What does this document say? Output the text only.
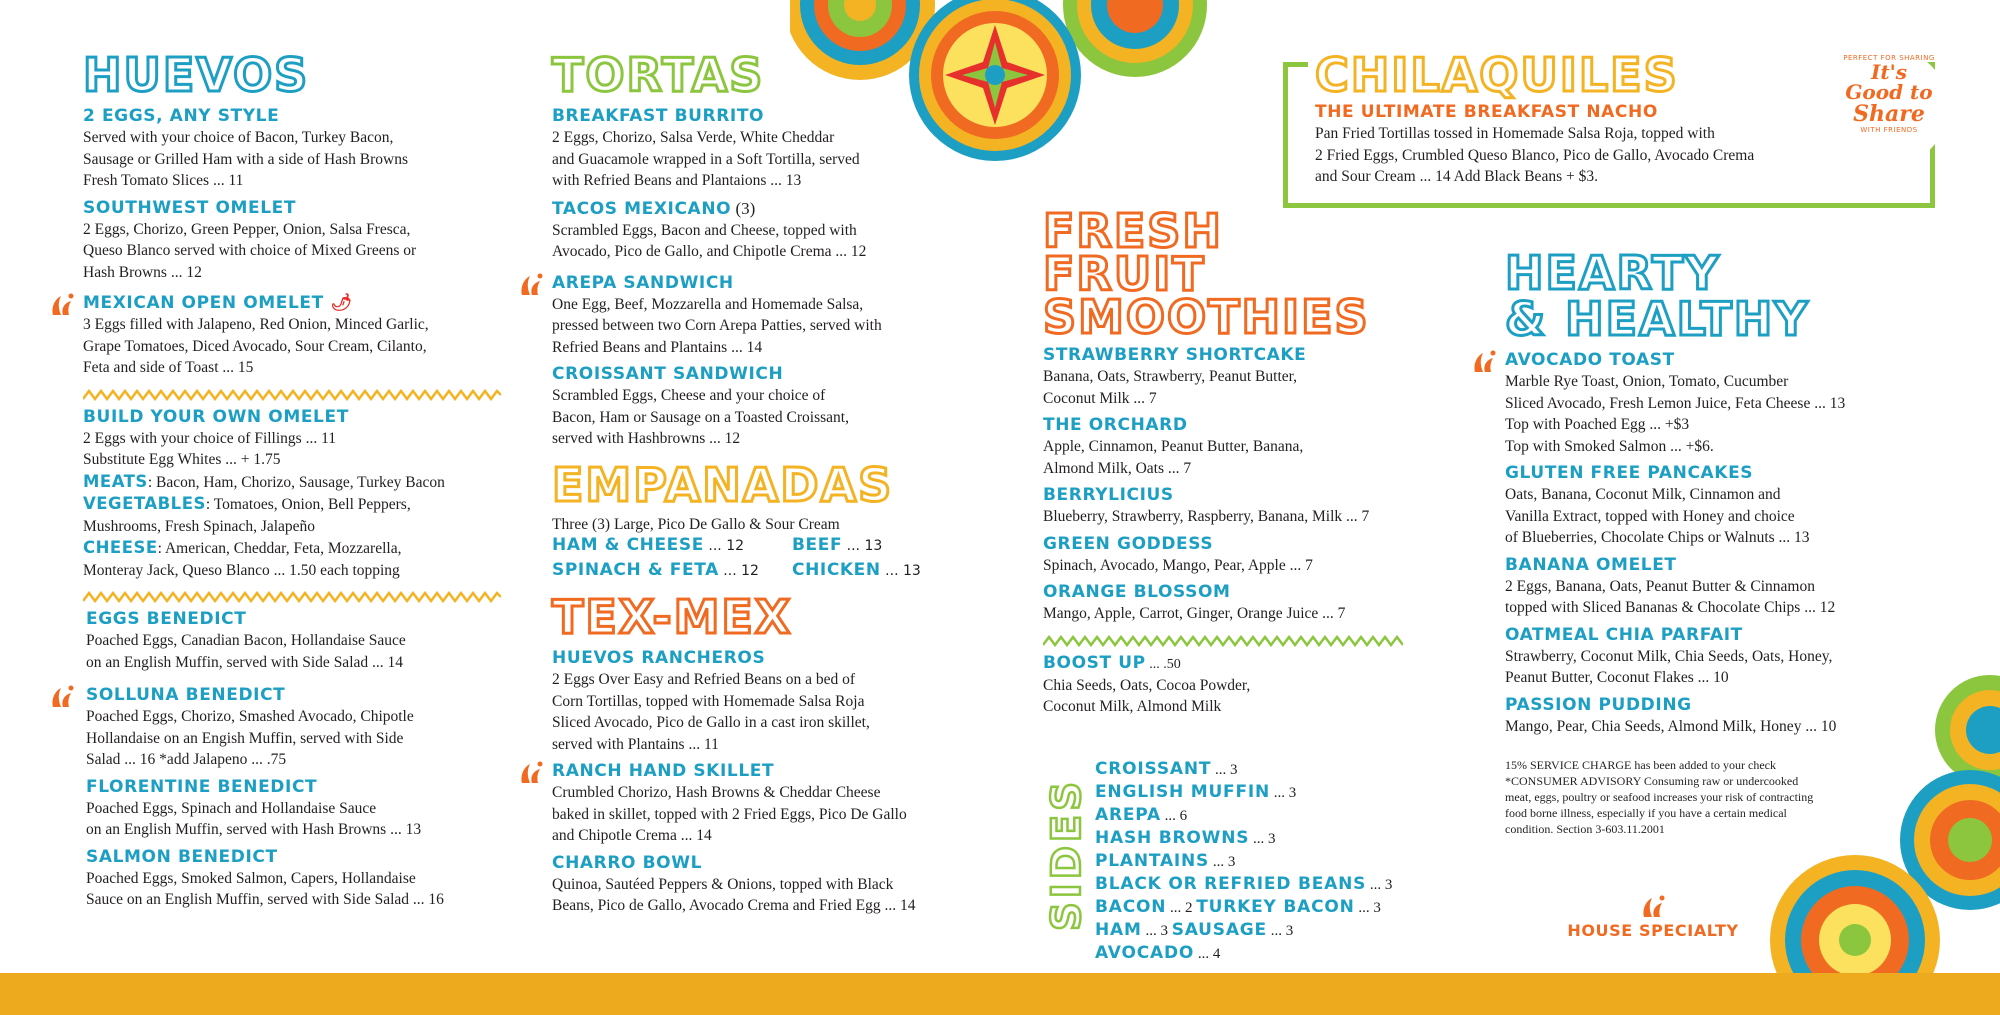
HUEVOS
2 EGGS, ANY STYLE

Served with your choice of Bacon, Turkey Bacon,
Sausage or Grilled Ham with a side of Hash Browns
Fresh Tomato Slices ... 11

SOUTHWEST OMELET

2 Eggs, Chorizo, Green Pepper, Onion, Salsa Fresca,
Queso Blanco served with choice of Mixed Greens or
Hash Browns ... 12

MEXICAN OPEN OMELET 🌶

3 Eggs filled with Jalapeno, Red Onion, Minced Garlic,
Grape Tomatoes, Diced Avocado, Sour Cream, Cilanto,
Feta and side of Toast ... 15

BUILD YOUR OWN OMELET

2 Eggs with your choice of Fillings ... 11
Substitute Egg Whites ... + 1.75
MEATS: Bacon, Ham, Chorizo, Sausage, Turkey Bacon
VEGETABLES: Tomatoes, Onion, Bell Peppers,
Mushrooms, Fresh Spinach, Jalapeño
CHEESE: American, Cheddar, Feta, Mozzarella,
Monteray Jack, Queso Blanco ... 1.50 each topping

EGGS BENEDICT

Poached Eggs, Canadian Bacon, Hollandaise Sauce
on an English Muffin, served with Side Salad ... 14

SOLLUNA BENEDICT

Poached Eggs, Chorizo, Smashed Avocado, Chipotle
Hollandaise on an Engish Muffin, served with Side
Salad ... 16 *add Jalapeno ... .75

FLORENTINE BENEDICT

Poached Eggs, Spinach and Hollandaise Sauce
on an English Muffin, served with Hash Browns ... 13

SALMON BENEDICT

Poached Eggs, Smoked Salmon, Capers, Hollandaise
Sauce on an English Muffin, served with Side Salad ... 16

TORTAS
BREAKFAST BURRITO

2 Eggs, Chorizo, Salsa Verde, White Cheddar
and Guacamole wrapped in a Soft Tortilla, served
with Refried Beans and Plantaions ... 13

TACOS MEXICANO (3)

Scrambled Eggs, Bacon and Cheese, topped with
Avocado, Pico de Gallo, and Chipotle Crema ... 12

AREPA SANDWICH

One Egg, Beef, Mozzarella and Homemade Salsa,
pressed between two Corn Arepa Patties, served with
Refried Beans and Plantains ... 14

CROISSANT SANDWICH

Scrambled Eggs, Cheese and your choice of
Bacon, Ham or Sausage on a Toasted Croissant,
served with Hashbrowns ... 12

EMPANADAS

Three (3) Large, Pico De Gallo & Sour Cream

HAM & CHEESE ... 12	BEEF ... 13
SPINACH & FETA ... 12	CHICKEN ... 13
TEX-MEX
HUEVOS RANCHEROS

2 Eggs Over Easy and Refried Beans on a bed of
Corn Tortillas, topped with Homemade Salsa Roja
Sliced Avocado, Pico de Gallo in a cast iron skillet,
served with Plantains ... 11

RANCH HAND SKILLET

Crumbled Chorizo, Hash Browns & Cheddar Cheese
baked in skillet, topped with 2 Fried Eggs, Pico De Gallo
and Chipotle Crema ... 14

CHARRO BOWL

Quinoa, Sautéed Peppers & Onions, topped with Black
Beans, Pico de Gallo, Avocado Crema and Fried Egg ... 14

CHILAQUILES
THE ULTIMATE BREAKFAST NACHO

Pan Fried Tortillas tossed in Homemade Salsa Roja, topped with
2 Fried Eggs, Crumbled Queso Blanco, Pico de Gallo, Avocado Crema
and Sour Cream ... 14 Add Black Beans + $3.

PERFECT FOR SHARING
It's
Good to
Share
WITH FRIENDS
FRESH
FRUIT
SMOOTHIES
STRAWBERRY SHORTCAKE

Banana, Oats, Strawberry, Peanut Butter,
Coconut Milk ... 7

THE ORCHARD

Apple, Cinnamon, Peanut Butter, Banana,
Almond Milk, Oats ... 7

BERRYLICIUS

Blueberry, Strawberry, Raspberry, Banana, Milk ... 7

GREEN GODDESS

Spinach, Avocado, Mango, Pear, Apple ... 7

ORANGE BLOSSOM

Mango, Apple, Carrot, Ginger, Orange Juice ... 7

BOOST UP ... .50

Chia Seeds, Oats, Cocoa Powder,
Coconut Milk, Almond Milk

SIDES
CROISSANT ... 3
ENGLISH MUFFIN ... 3
AREPA ... 6
HASH BROWNS ... 3
PLANTAINS ... 3
BLACK OR REFRIED BEANS ... 3
BACON ... 2 TURKEY BACON ... 3
HAM ... 3 SAUSAGE ... 3
AVOCADO ... 4
HEARTY
& HEALTHY
AVOCADO TOAST

Marble Rye Toast, Onion, Tomato, Cucumber
Sliced Avocado, Fresh Lemon Juice, Feta Cheese ... 13
Top with Poached Egg ... +$3
Top with Smoked Salmon ... +$6.

GLUTEN FREE PANCAKES

Oats, Banana, Coconut Milk, Cinnamon and
Vanilla Extract, topped with Honey and choice
of Blueberries, Chocolate Chips or Walnuts ... 13

BANANA OMELET

2 Eggs, Banana, Oats, Peanut Butter & Cinnamon
topped with Sliced Bananas & Chocolate Chips ... 12

OATMEAL CHIA PARFAIT

Strawberry, Coconut Milk, Chia Seeds, Oats, Honey,
Peanut Butter, Coconut Flakes ... 10

PASSION PUDDING

Mango, Pear, Chia Seeds, Almond Milk, Honey ... 10

15% SERVICE CHARGE has been added to your check
*CONSUMER ADVISORY Consuming raw or undercooked
meat, eggs, poultry or seafood increases your risk of contracting
food borne illness, especially if you have a certain medical
condition. Section 3-603.11.2001

HOUSE SPECIALTY
